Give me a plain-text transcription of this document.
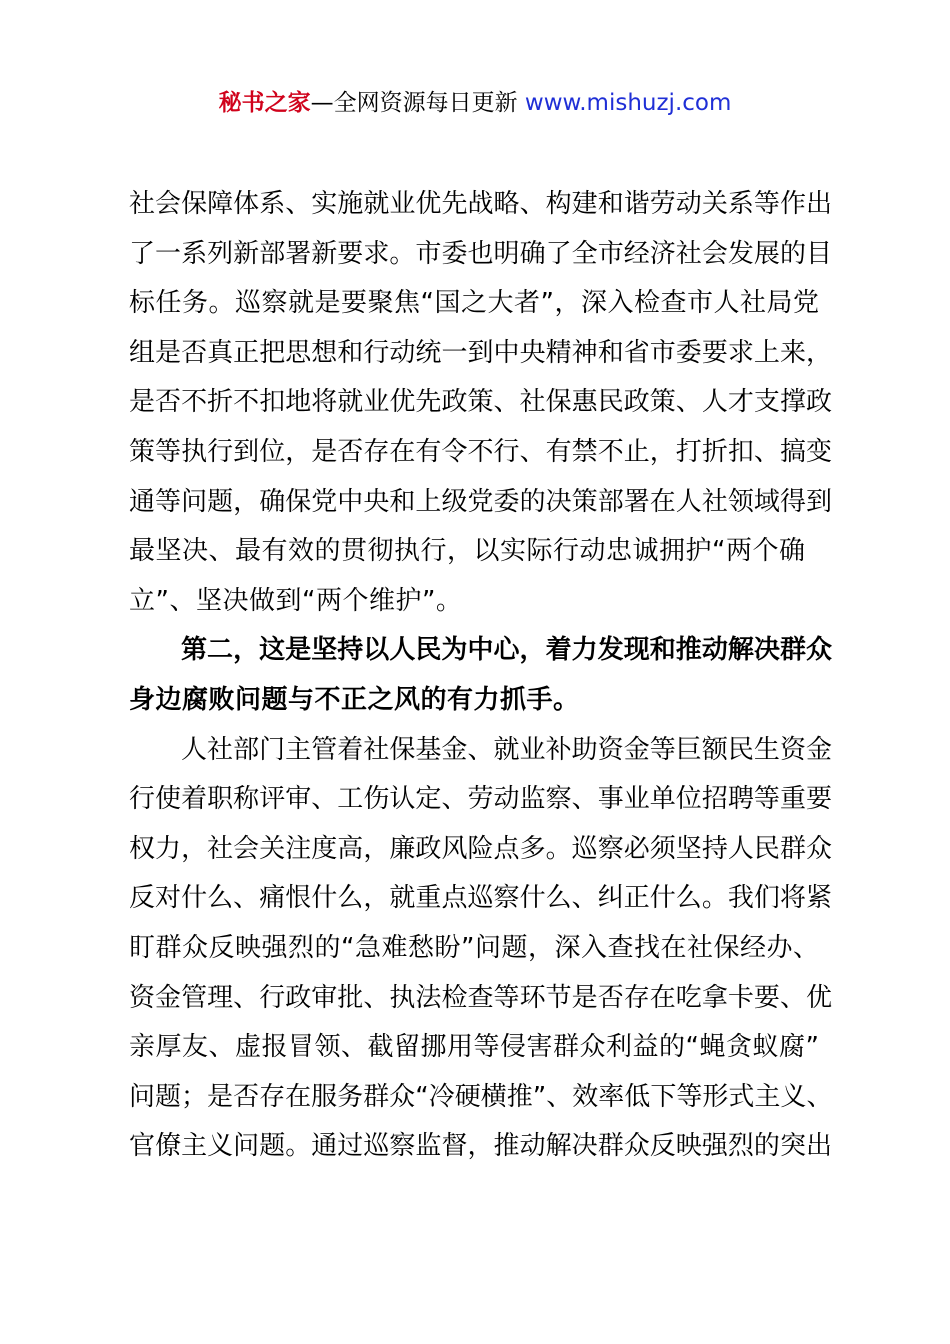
秘书之家—全网资源每日更新 www.mishuzj.com
社会保障体系、实施就业优先战略、构建和谐劳动关系等作出
了一系列新部署新要求。市委也明确了全市经济社会发展的目
标任务。巡察就是要聚焦“国之大者”，深入检查市人社局党
组是否真正把思想和行动统一到中央精神和省市委要求上来，
是否不折不扣地将就业优先政策、社保惠民政策、人才支撑政
策等执行到位，是否存在有令不行、有禁不止，打折扣、搞变
通等问题，确保党中央和上级党委的决策部署在人社领域得到
最坚决、最有效的贯彻执行，以实际行动忠诚拥护“两个确
立”、坚决做到“两个维护”。
第二，这是坚持以人民为中心，着力发现和推动解决群众
身边腐败问题与不正之风的有力抓手。
人社部门主管着社保基金、就业补助资金等巨额民生资金
行使着职称评审、工伤认定、劳动监察、事业单位招聘等重要
权力，社会关注度高，廉政风险点多。巡察必须坚持人民群众
反对什么、痛恨什么，就重点巡察什么、纠正什么。我们将紧
盯群众反映强烈的“急难愁盼”问题，深入查找在社保经办、
资金管理、行政审批、执法检查等环节是否存在吃拿卡要、优
亲厚友、虚报冒领、截留挪用等侵害群众利益的“蝇贪蚁腐”
问题；是否存在服务群众“冷硬横推”、效率低下等形式主义、
官僚主义问题。通过巡察监督，推动解决群众反映强烈的突出
